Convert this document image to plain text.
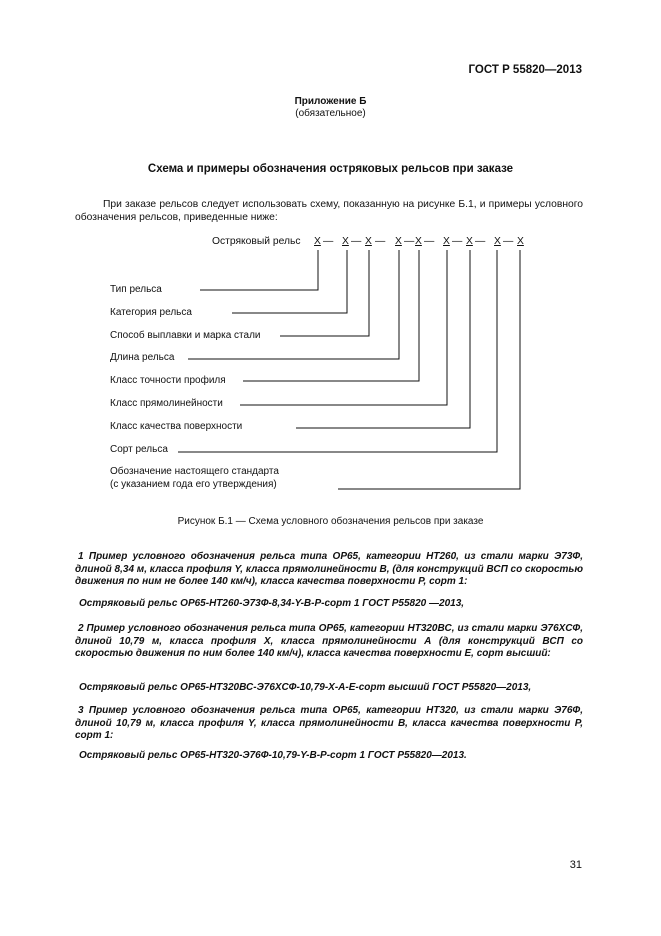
ГОСТ Р 55820—2013
Приложение Б
(обязательное)
Схема и примеры обозначения остряковых рельсов при заказе
При заказе рельсов следует использовать схему, показанную на рисунке Б.1, и примеры условного обозначения рельсов, приведенные ниже:
Остряковый рельс X — X — X — X — X — X — X — X — X
Тип рельса
Категория рельса
Способ выплавки и марка стали
Длина рельса
Класс точности профиля
Класс прямолинейности
Класс качества поверхности
Сорт рельса
Обозначение настоящего стандарта
(с указанием года его утверждения)
Рисунок Б.1 — Схема условного обозначения рельсов при заказе
1 Пример условного обозначения рельса типа ОР65, категории НТ260, из стали марки Э73Ф, длиной 8,34 м, класса профиля Y, класса прямолинейности В, (для конструкций ВСП со скоростью движения по ним не более 140 км/ч), класса качества поверхности Р, сорт 1:
Остряковый рельс ОР65-НТ260-Э73Ф-8,34-Y-В-Р-сорт 1 ГОСТ Р55820 —2013,
2 Пример условного обозначения рельса типа ОР65, категории НТ320ВС, из стали марки Э76ХСФ, длиной 10,79 м, класса профиля Х, класса прямолинейности А (для конструкций ВСП со скоростью движения по ним более 140 км/ч), класса качества поверхности Е, сорт высший:
Остряковый рельс ОР65-НТ320ВС-Э76ХСФ-10,79-Х-А-Е-сорт высший ГОСТ Р55820—2013,
3 Пример условного обозначения рельса типа ОР65, категории НТ320, из стали марки Э76Ф, длиной 10,79 м, класса профиля Y, класса прямолинейности В, класса качества поверхности Р, сорт 1:
Остряковый рельс ОР65-НТ320-Э76Ф-10,79-Y-В-Р-сорт 1 ГОСТ Р55820—2013.
31
